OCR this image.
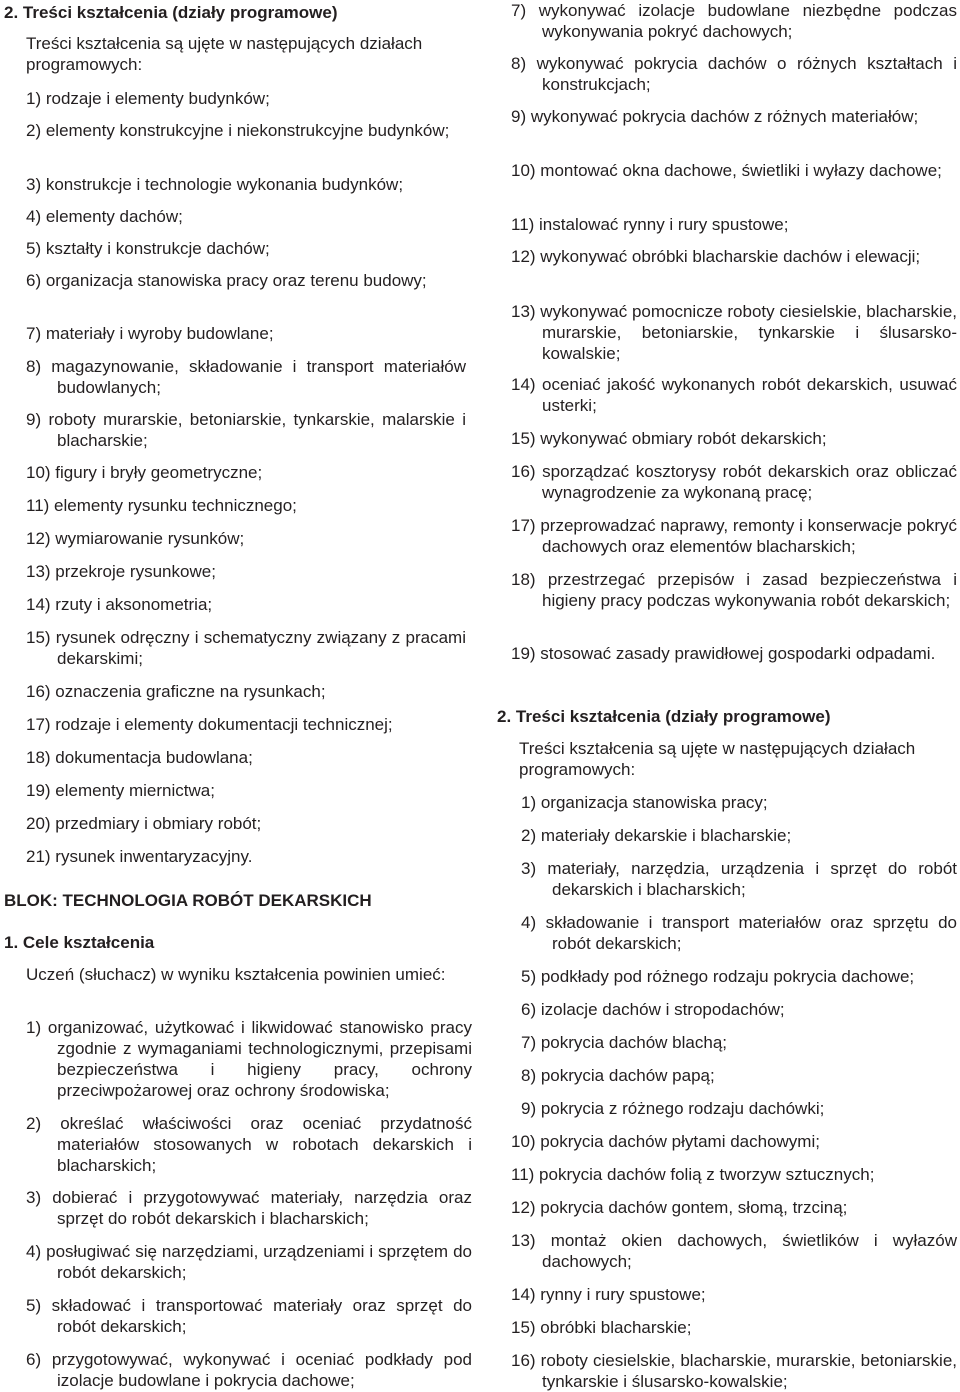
2. Treści kształcenia (działy programowe)

Treści kształcenia są ujęte w następujących działach programowych:

1) rodzaje i elementy budynków;
2) elementy konstrukcyjne i niekonstrukcyjne budynków;
3) konstrukcje i technologie wykonania budynków;
4) elementy dachów;
5) kształty i konstrukcje dachów;
6) organizacja stanowiska pracy oraz terenu budowy;
7) materiały i wyroby budowlane;
8) magazynowanie, składowanie i transport materiałów budowlanych;
9) roboty murarskie, betoniarskie, tynkarskie, malarskie i blacharskie;
10) figury i bryły geometryczne;
11) elementy rysunku technicznego;
12) wymiarowanie rysunków;
13) przekroje rysunkowe;
14) rzuty i aksonometria;
15) rysunek odręczny i schematyczny związany z pracami dekarskimi;
16) oznaczenia graficzne na rysunkach;
17) rodzaje i elementy dokumentacji technicznej;
18) dokumentacja budowlana;
19) elementy miernictwa;
20) przedmiary i obmiary robót;
21) rysunek inwentaryzacyjny.

BLOK: TECHNOLOGIA ROBÓT DEKARSKICH

1. Cele kształcenia

Uczeń (słuchacz) w wyniku kształcenia powinien umieć:

1) organizować, użytkować i likwidować stanowisko pracy zgodnie z wymaganiami technologicznymi, przepisami bezpieczeństwa i higieny pracy, ochrony przeciwpożarowej oraz ochrony środowiska;
2) określać właściwości oraz oceniać przydatność materiałów stosowanych w robotach dekarskich i blacharskich;
3) dobierać i przygotowywać materiały, narzędzia oraz sprzęt do robót dekarskich i blacharskich;
4) posługiwać się narzędziami, urządzeniami i sprzętem do robót dekarskich;
5) składować i transportować materiały oraz sprzęt do robót dekarskich;
6) przygotowywać, wykonywać i oceniać podkłady pod izolacje budowlane i pokrycia dachowe;
7) wykonywać izolacje budowlane niezbędne podczas wykonywania pokryć dachowych;
8) wykonywać pokrycia dachów o różnych kształtach i konstrukcjach;
9) wykonywać pokrycia dachów z różnych materiałów;
10) montować okna dachowe, świetliki i wyłazy dachowe;
11) instalować rynny i rury spustowe;
12) wykonywać obróbki blacharskie dachów i elewacji;
13) wykonywać pomocnicze roboty ciesielskie, blacharskie, murarskie, betoniarskie, tynkarskie i ślusarsko-kowalskie;
14) oceniać jakość wykonanych robót dekarskich, usuwać usterki;
15) wykonywać obmiary robót dekarskich;
16) sporządzać kosztorysy robót dekarskich oraz obliczać wynagrodzenie za wykonaną pracę;
17) przeprowadzać naprawy, remonty i konserwacje pokryć dachowych oraz elementów blacharskich;
18) przestrzegać przepisów i zasad bezpieczeństwa i higieny pracy podczas wykonywania robót dekarskich;
19) stosować zasady prawidłowej gospodarki odpadami.

2. Treści kształcenia (działy programowe)

Treści kształcenia są ujęte w następujących działach programowych:

1) organizacja stanowiska pracy;
2) materiały dekarskie i blacharskie;
3) materiały, narzędzia, urządzenia i sprzęt do robót dekarskich i blacharskich;
4) składowanie i transport materiałów oraz sprzętu do robót dekarskich;
5) podkłady pod różnego rodzaju pokrycia dachowe;
6) izolacje dachów i stropodachów;
7) pokrycia dachów blachą;
8) pokrycia dachów papą;
9) pokrycia z różnego rodzaju dachówki;
10) pokrycia dachów płytami dachowymi;
11) pokrycia dachów folią z tworzyw sztucznych;
12) pokrycia dachów gontem, słomą, trzciną;
13) montaż okien dachowych, świetlików i wyłazów dachowych;
14) rynny i rury spustowe;
15) obróbki blacharskie;
16) roboty ciesielskie, blacharskie, murarskie, betoniarskie, tynkarskie i ślusarsko-kowalskie;
